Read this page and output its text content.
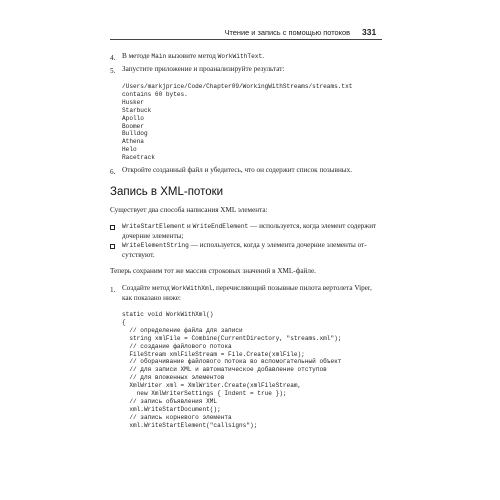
Чтение и запись с помощью потоков	331
4. В методе Main вызовите метод WorkWithText.
5. Запустите приложение и проанализируйте результат:
/Users/markjprice/Code/Chapter09/WorkingWithStreams/streams.txt
contains 60 bytes.
Husker
Starbuck
Apollo
Boomer
Bulldog
Athena
Helo
Racetrack
6. Откройте созданный файл и убедитесь, что он содержит список позывных.
Запись в XML-потоки
Существует два способа написания XML элемента:
WriteStartElement и WriteEndElement — используется, когда элемент содержит
дочерние элементы;
WriteElementString — используется, когда у элемента дочерние элементы от-
сутствуют.
Теперь сохраним тот же массив строковых значений в XML-файле.
1. Создайте метод WorkWithXml, перечисляющий позывные пилота вертолета Viper,
как показано ниже:
static void WorkWithXml()
{
// определение файла для записи
string xmlFile = Combine(CurrentDirectory, "streams.xml");
// создание файлового потока
FileStream xmlFileStream = File.Create(xmlFile);
// оборачивание файлового потока во вспомогательный объект
// для записи XML и автоматическое добавление отступов
// для вложенных элементов
XmlWriter xml = XmlWriter.Create(xmlFileStream,
new XmlWriterSettings { Indent = true });
// запись объявления XML
xml.WriteStartDocument();
// запись корневого элемента
xml.WriteStartElement("callsigns");
